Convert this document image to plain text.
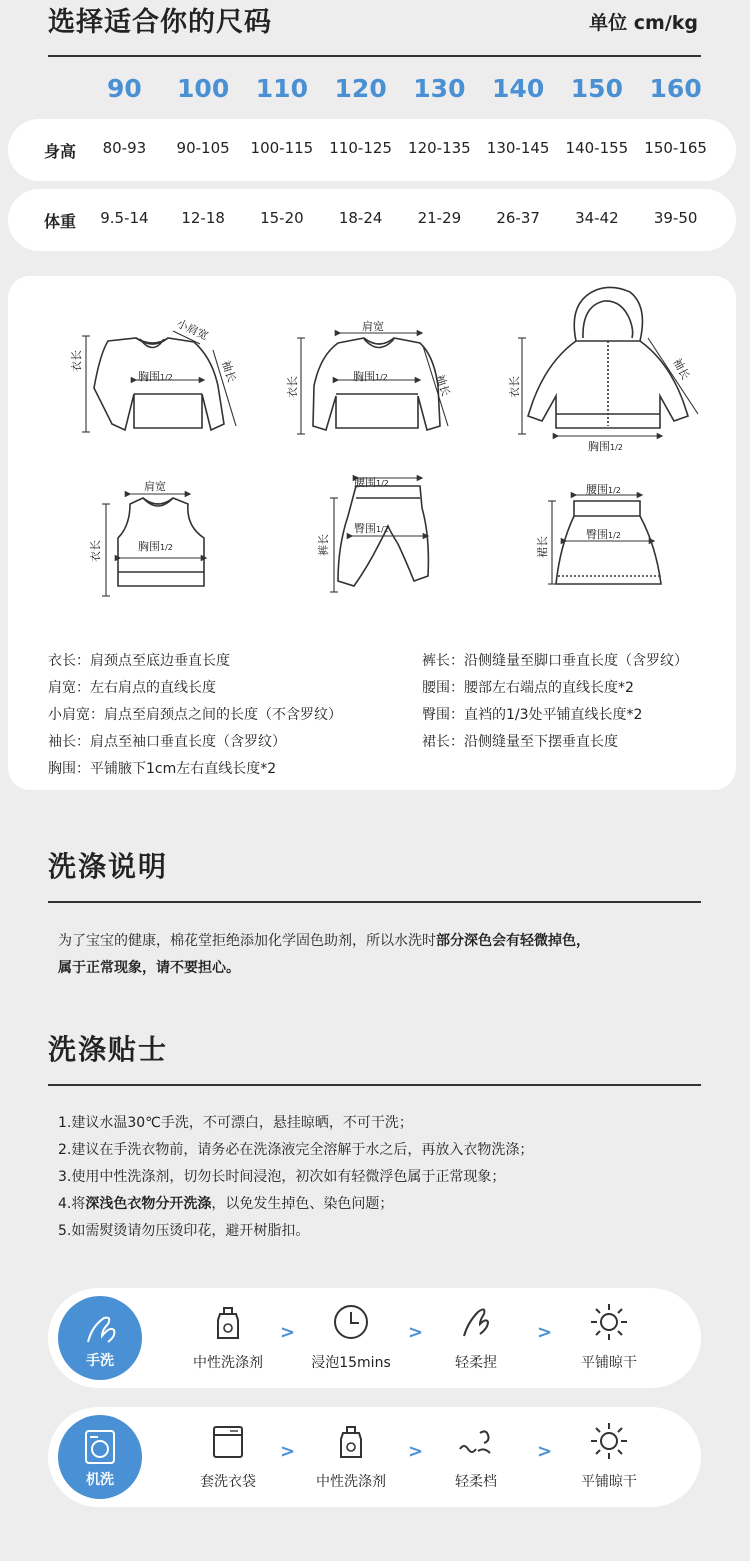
选择适合你的尺码	单位 cm/kg
90	100	110	120	130	140	150	160
身高	80-93	90-105	100-115	110-125	120-135	130-145	140-155	150-165
体重	9.5-14	12-18	15-20	18-24	21-29	26-37	34-42	39-50
小肩宽
胸围1/2	袖长
衣长
肩宽
胸围1/2	袖长
衣长
袖长
胸围1/2
衣长
肩宽
胸围1/2
衣长
腰围1/2
臀围1/2
裤长
腰围1/2
臀围1/2
裙长
衣长：肩颈点至底边垂直长度
肩宽：左右肩点的直线长度
小肩宽：肩点至肩颈点之间的长度（不含罗纹）
袖长：肩点至袖口垂直长度（含罗纹）
胸围：平铺腋下1cm左右直线长度*2
裤长：沿侧缝量至脚口垂直长度（含罗纹）
腰围：腰部左右端点的直线长度*2
臀围：直裆的1/3处平铺直线长度*2
裙长：沿侧缝量至下摆垂直长度
洗涤说明
为了宝宝的健康，棉花堂拒绝添加化学固色助剂，所以水洗时部分深色会有轻微掉色，
属于正常现象，请不要担心。
洗涤贴士
1.建议水温30℃手洗，不可漂白，悬挂晾晒，不可干洗；
2.建议在手洗衣物前，请务必在洗涤液完全溶解于水之后，再放入衣物洗涤；
3.使用中性洗涤剂，切勿长时间浸泡，初次如有轻微浮色属于正常现象；
4.将深浅色衣物分开洗涤，以免发生掉色、染色问题；
5.如需熨烫请勿压烫印花，避开树脂扣。
手洗	中性洗涤剂
>
浸泡15mins
>
轻柔捏
>
平铺晾干
机洗	套洗衣袋
>
中性洗涤剂
>
轻柔档
>
平铺晾干
